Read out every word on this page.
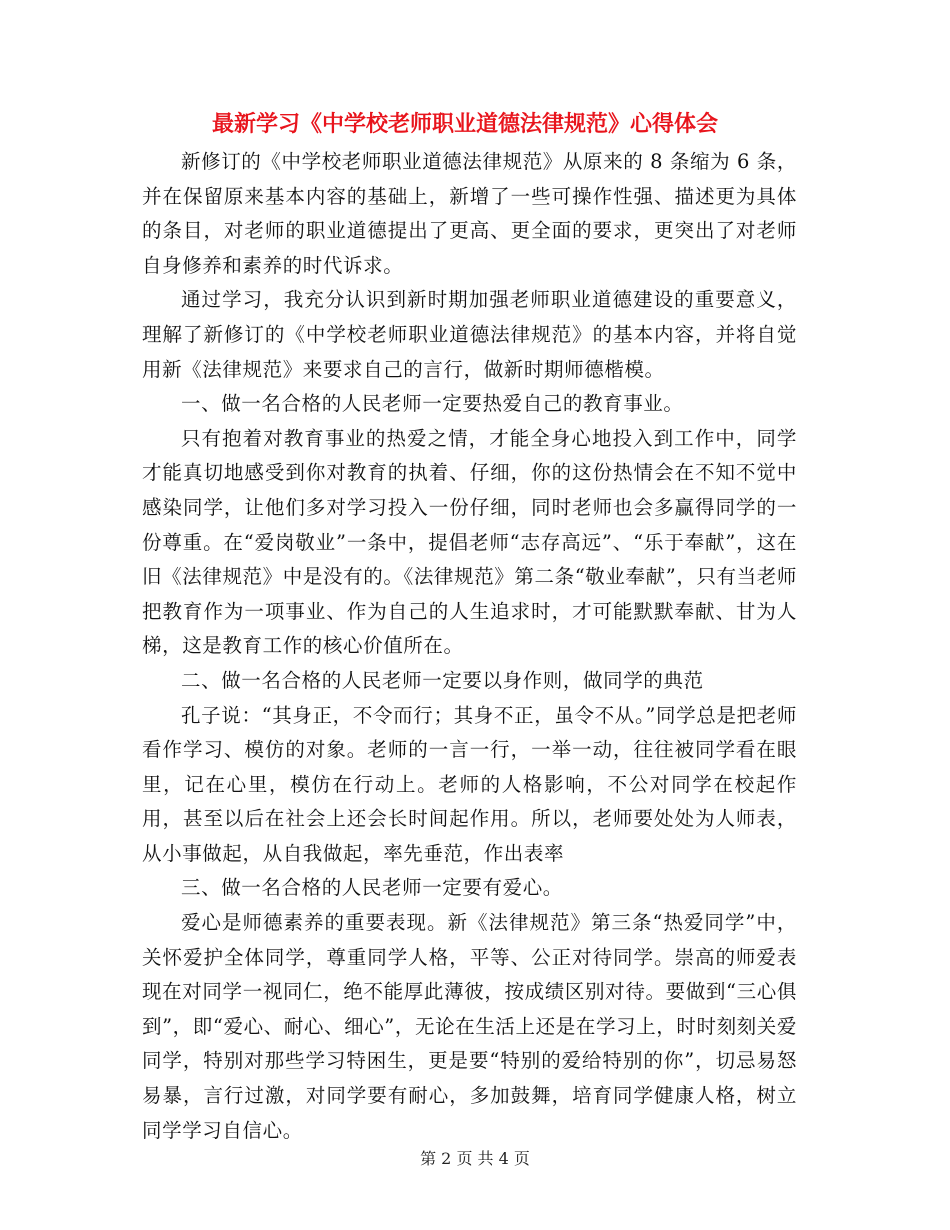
最新学习《中学校老师职业道德法律规范》心得体会

新修订的《中学校老师职业道德法律规范》从原来的 8 条缩为 6 条，并在保留原来基本内容的基础上，新增了一些可操作性强、描述更为具体的条目，对老师的职业道德提出了更高、更全面的要求，更突出了对老师自身修养和素养的时代诉求。

通过学习，我充分认识到新时期加强老师职业道德建设的重要意义，理解了新修订的《中学校老师职业道德法律规范》的基本内容，并将自觉用新《法律规范》来要求自己的言行，做新时期师德楷模。

一、做一名合格的人民老师一定要热爱自己的教育事业。

只有抱着对教育事业的热爱之情，才能全身心地投入到工作中，同学才能真切地感受到你对教育的执着、仔细，你的这份热情会在不知不觉中感染同学，让他们多对学习投入一份仔细，同时老师也会多赢得同学的一份尊重。在“爱岗敬业”一条中，提倡老师“志存高远”、“乐于奉献”，这在旧《法律规范》中是没有的。《法律规范》第二条“敬业奉献”，只有当老师把教育作为一项事业、作为自己的人生追求时，才可能默默奉献、甘为人梯，这是教育工作的核心价值所在。

二、做一名合格的人民老师一定要以身作则，做同学的典范

孔子说：“其身正，不令而行；其身不正，虽令不从。”同学总是把老师看作学习、模仿的对象。老师的一言一行，一举一动，往往被同学看在眼里，记在心里，模仿在行动上。老师的人格影响，不公对同学在校起作用，甚至以后在社会上还会长时间起作用。所以，老师要处处为人师表，从小事做起，从自我做起，率先垂范，作出表率

三、做一名合格的人民老师一定要有爱心。

爱心是师德素养的重要表现。新《法律规范》第三条“热爱同学”中，关怀爱护全体同学，尊重同学人格，平等、公正对待同学。崇高的师爱表现在对同学一视同仁，绝不能厚此薄彼，按成绩区别对待。要做到“三心俱到”，即“爱心、耐心、细心”，无论在生活上还是在学习上，时时刻刻关爱同学，特别对那些学习特困生，更是要“特别的爱给特别的你”，切忌易怒易暴，言行过激，对同学要有耐心，多加鼓舞，培育同学健康人格，树立同学学习自信心。

第 2 页 共 4 页
